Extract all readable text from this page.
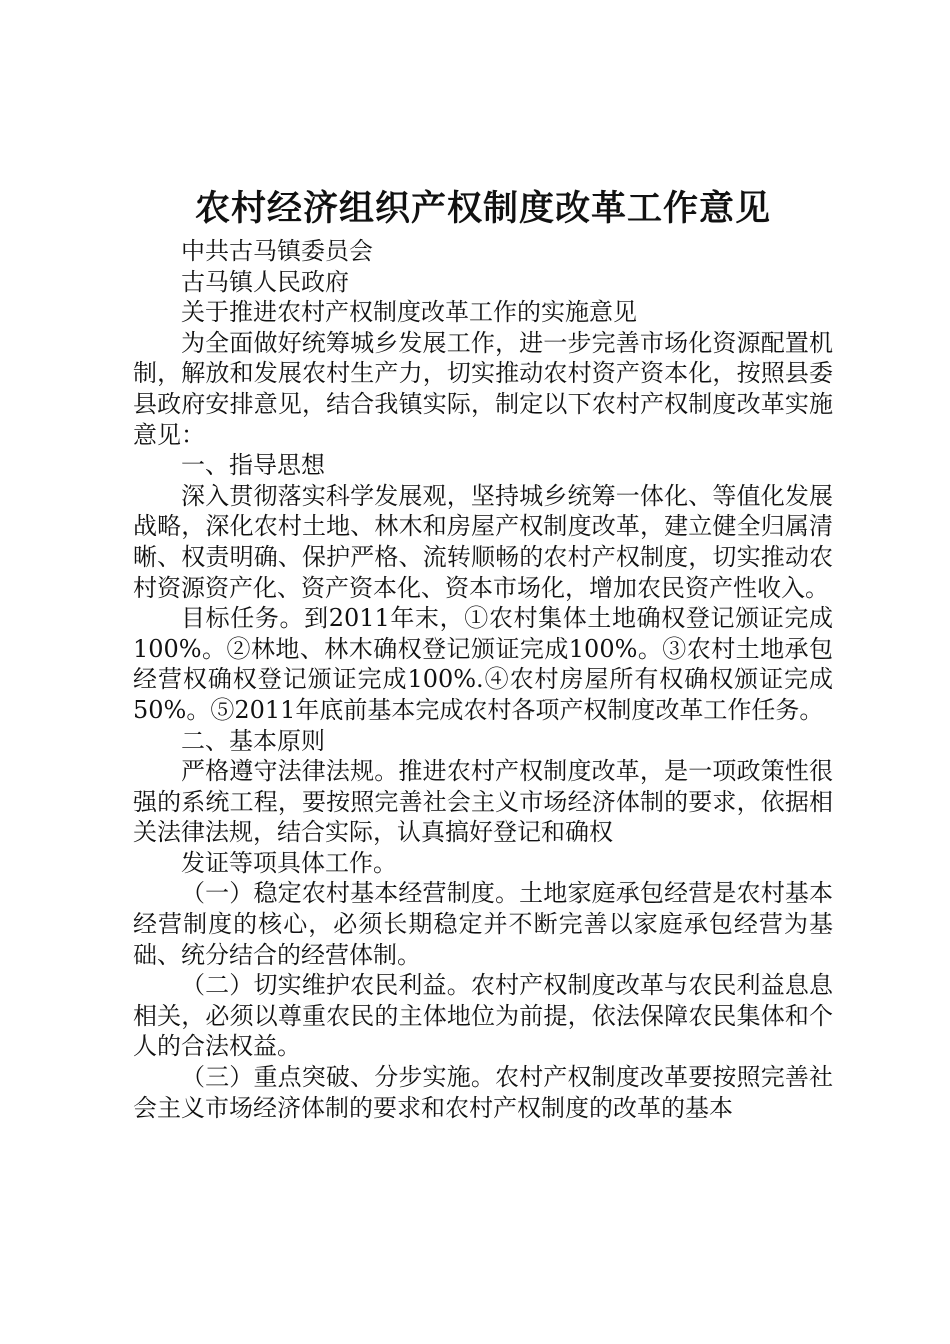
农村经济组织产权制度改革工作意见

中共古马镇委员会

古马镇人民政府

关于推进农村产权制度改革工作的实施意见

为全面做好统筹城乡发展工作，进一步完善市场化资源配置机制，解放和发展农村生产力，切实推动农村资产资本化，按照县委县政府安排意见，结合我镇实际，制定以下农村产权制度改革实施意见：

一、指导思想

深入贯彻落实科学发展观，坚持城乡统筹一体化、等值化发展战略，深化农村土地、林木和房屋产权制度改革，建立健全归属清晰、权责明确、保护严格、流转顺畅的农村产权制度，切实推动农村资源资产化、资产资本化、资本市场化，增加农民资产性收入。

目标任务。到2011年末，①农村集体土地确权登记颁证完成100%。②林地、林木确权登记颁证完成100%。③农村土地承包经营权确权登记颁证完成100%.④农村房屋所有权确权颁证完成50%。⑤2011年底前基本完成农村各项产权制度改革工作任务。

二、基本原则

严格遵守法律法规。推进农村产权制度改革，是一项政策性很强的系统工程，要按照完善社会主义市场经济体制的要求，依据相关法律法规，结合实际，认真搞好登记和确权

发证等项具体工作。

（一）稳定农村基本经营制度。土地家庭承包经营是农村基本经营制度的核心，必须长期稳定并不断完善以家庭承包经营为基础、统分结合的经营体制。

（二）切实维护农民利益。农村产权制度改革与农民利益息息相关，必须以尊重农民的主体地位为前提，依法保障农民集体和个人的合法权益。

（三）重点突破、分步实施。农村产权制度改革要按照完善社会主义市场经济体制的要求和农村产权制度的改革的基本
